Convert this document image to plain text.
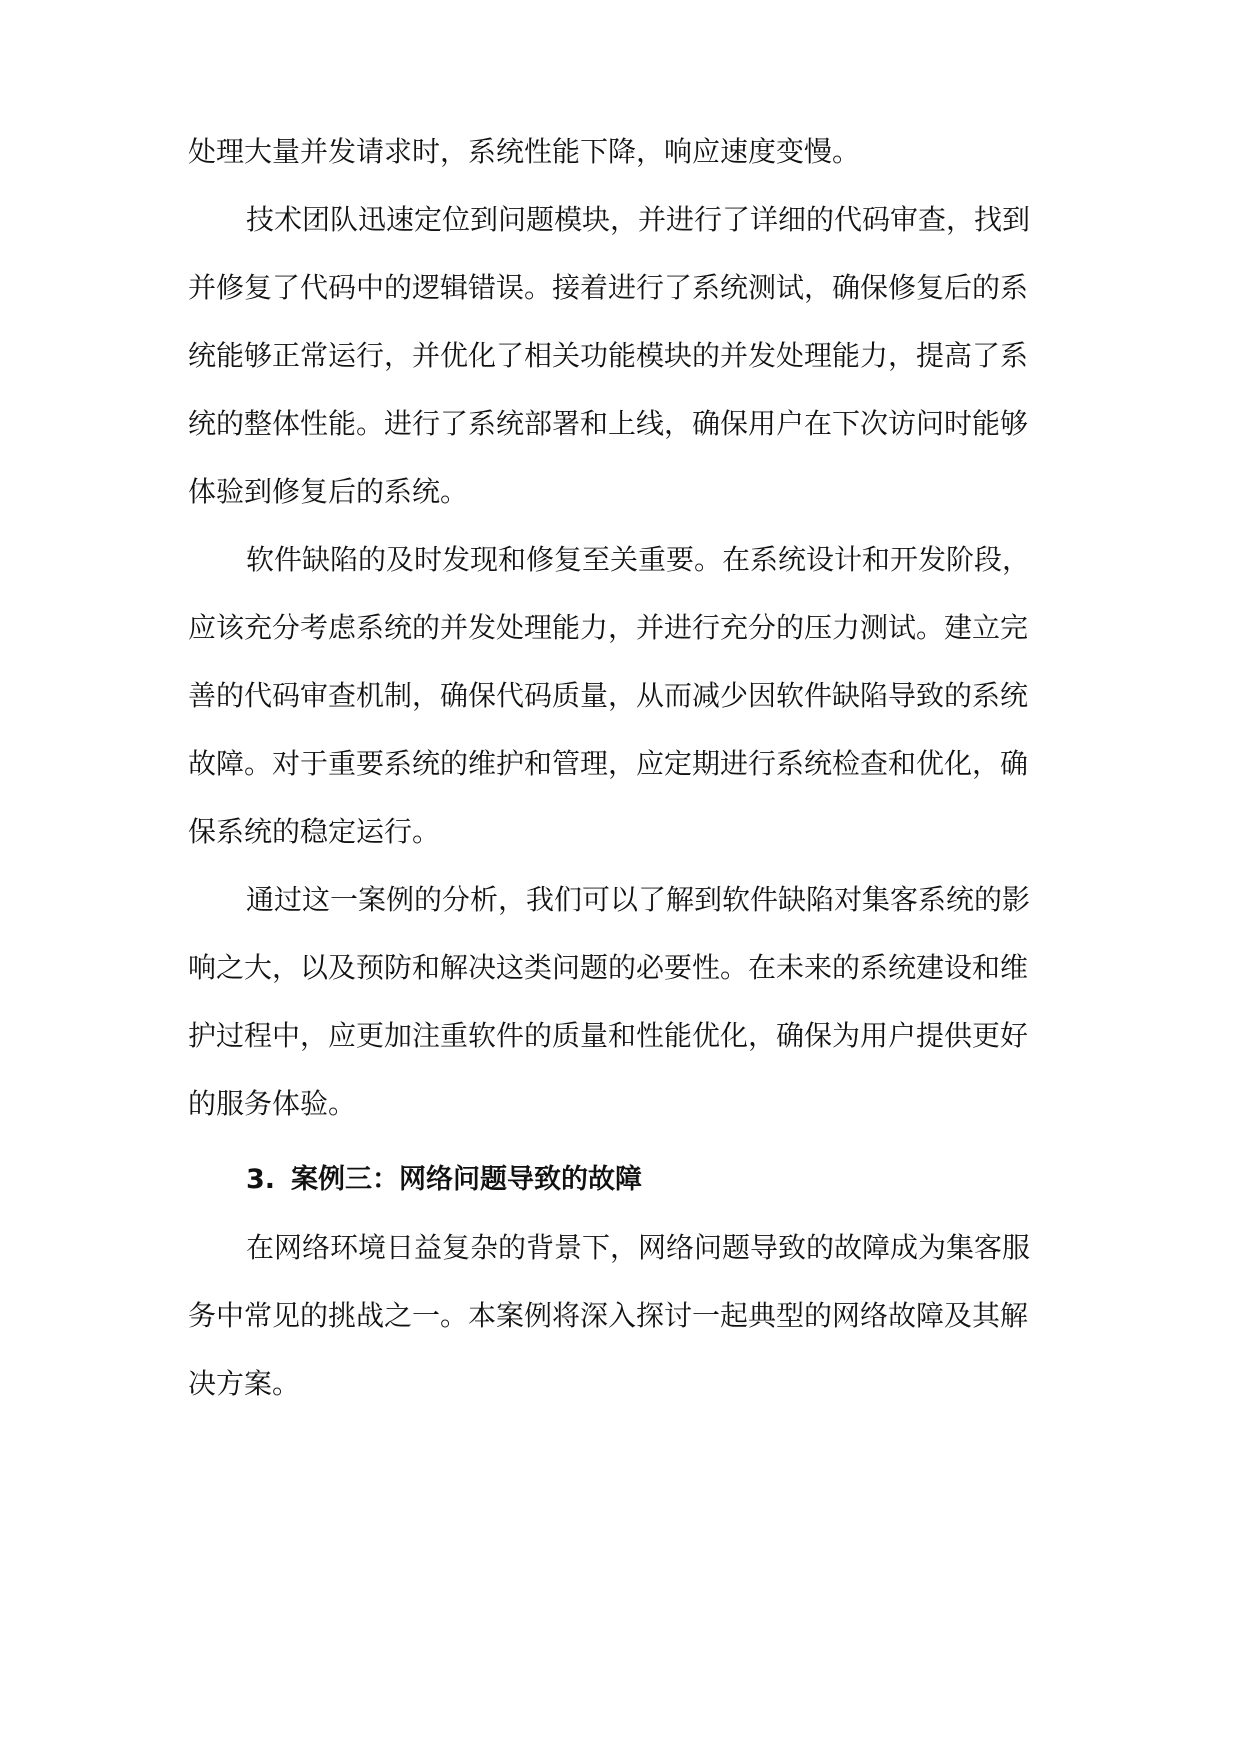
处理大量并发请求时，系统性能下降，响应速度变慢。
技术团队迅速定位到问题模块，并进行了详细的代码审查，找到
并修复了代码中的逻辑错误。接着进行了系统测试，确保修复后的系
统能够正常运行，并优化了相关功能模块的并发处理能力，提高了系
统的整体性能。进行了系统部署和上线，确保用户在下次访问时能够
体验到修复后的系统。
软件缺陷的及时发现和修复至关重要。在系统设计和开发阶段，
应该充分考虑系统的并发处理能力，并进行充分的压力测试。建立完
善的代码审查机制，确保代码质量，从而减少因软件缺陷导致的系统
故障。对于重要系统的维护和管理，应定期进行系统检查和优化，确
保系统的稳定运行。
通过这一案例的分析，我们可以了解到软件缺陷对集客系统的影
响之大，以及预防和解决这类问题的必要性。在未来的系统建设和维
护过程中，应更加注重软件的质量和性能优化，确保为用户提供更好
的服务体验。
3. 案例三：网络问题导致的故障
在网络环境日益复杂的背景下，网络问题导致的故障成为集客服
务中常见的挑战之一。本案例将深入探讨一起典型的网络故障及其解
决方案。
